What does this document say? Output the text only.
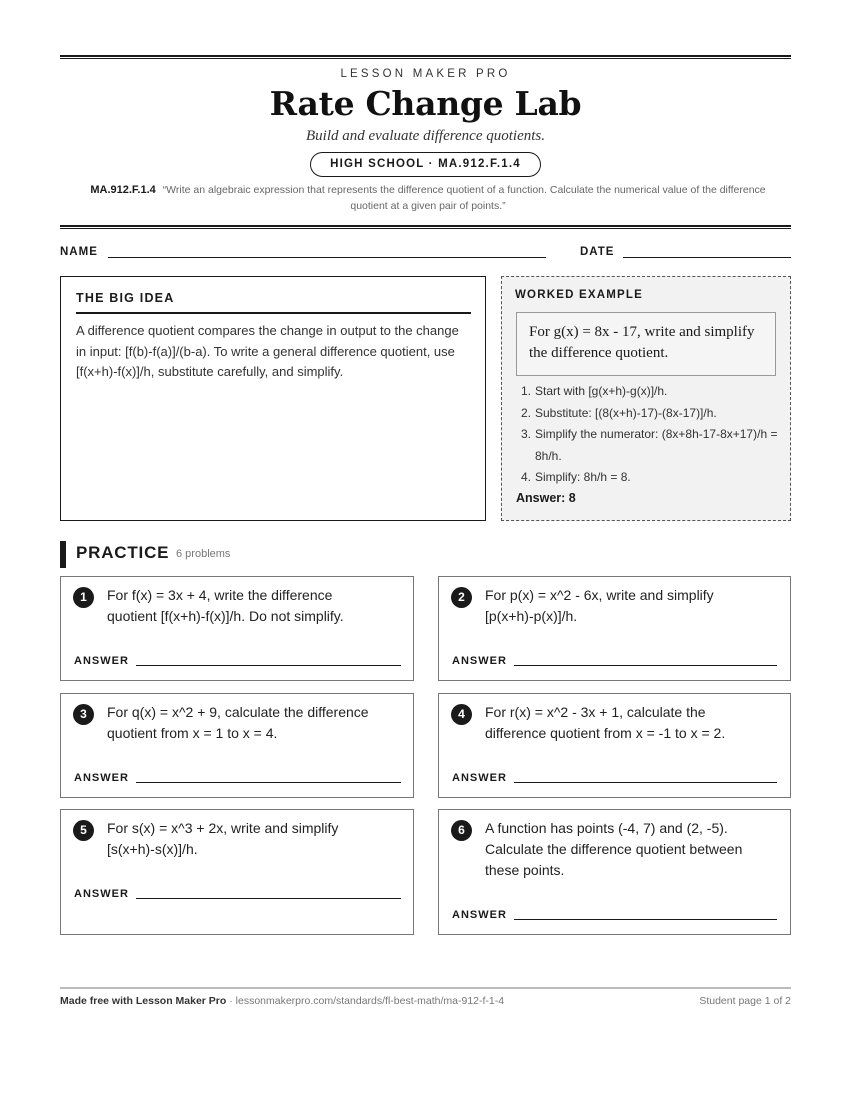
LESSON MAKER PRO
Rate Change Lab
Build and evaluate difference quotients.
HIGH SCHOOL · MA.912.F.1.4
MA.912.F.1.4 “Write an algebraic expression that represents the difference quotient of a function. Calculate the numerical value of the difference quotient at a given pair of points.”
NAME	DATE
THE BIG IDEA
A difference quotient compares the change in output to the change in input: [f(b)-f(a)]/(b-a). To write a general difference quotient, use [f(x+h)-f(x)]/h, substitute carefully, and simplify.
WORKED EXAMPLE
For g(x) = 8x - 17, write and simplify the difference quotient.
1. Start with [g(x+h)-g(x)]/h.
2. Substitute: [(8(x+h)-17)-(8x-17)]/h.
3. Simplify the numerator: (8x+8h-17-8x+17)/h = 8h/h.
4. Simplify: 8h/h = 8.
Answer: 8
PRACTICE 6 problems
1	For f(x) = 3x + 4, write the difference quotient [f(x+h)-f(x)]/h. Do not simplify.
ANSWER
2	For p(x) = x^2 - 6x, write and simplify [p(x+h)-p(x)]/h.
ANSWER
3	For q(x) = x^2 + 9, calculate the difference quotient from x = 1 to x = 4.
ANSWER
4	For r(x) = x^2 - 3x + 1, calculate the difference quotient from x = -1 to x = 2.
ANSWER
5	For s(x) = x^3 + 2x, write and simplify [s(x+h)-s(x)]/h.
ANSWER
6	A function has points (-4, 7) and (2, -5). Calculate the difference quotient between these points.
ANSWER
Made free with Lesson Maker Pro · lessonmakerpro.com/standards/fl-best-math/ma-912-f-1-4	Student page 1 of 2
